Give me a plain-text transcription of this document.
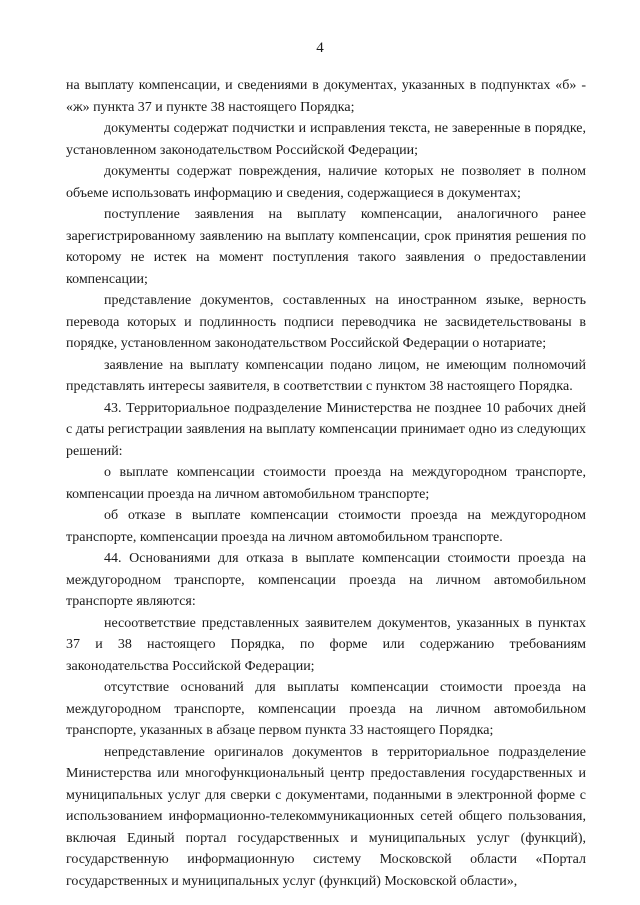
4

на выплату компенсации, и сведениями в документах, указанных в подпунктах «б» - «ж» пункта 37 и пункте 38 настоящего Порядка;

документы содержат подчистки и исправления текста, не заверенные в порядке, установленном законодательством Российской Федерации;

документы содержат повреждения, наличие которых не позволяет в полном объеме использовать информацию и сведения, содержащиеся в документах;

поступление заявления на выплату компенсации, аналогичного ранее зарегистрированному заявлению на выплату компенсации, срок принятия решения по которому не истек на момент поступления такого заявления о предоставлении компенсации;

представление документов, составленных на иностранном языке, верность перевода которых и подлинность подписи переводчика не засвидетельствованы в порядке, установленном законодательством Российской Федерации о нотариате;

заявление на выплату компенсации подано лицом, не имеющим полномочий представлять интересы заявителя, в соответствии с пунктом 38 настоящего Порядка.

43. Территориальное подразделение Министерства не позднее 10 рабочих дней с даты регистрации заявления на выплату компенсации принимает одно из следующих решений:

о выплате компенсации стоимости проезда на междугородном транспорте, компенсации проезда на личном автомобильном транспорте;

об отказе в выплате компенсации стоимости проезда на междугородном транспорте, компенсации проезда на личном автомобильном транспорте.

44. Основаниями для отказа в выплате компенсации стоимости проезда на междугородном транспорте, компенсации проезда на личном автомобильном транспорте являются:

несоответствие представленных заявителем документов, указанных в пунктах 37 и 38 настоящего Порядка, по форме или содержанию требованиям законодательства Российской Федерации;

отсутствие оснований для выплаты компенсации стоимости проезда на междугородном транспорте, компенсации проезда на личном автомобильном транспорте, указанных в абзаце первом пункта 33 настоящего Порядка;

непредставление оригиналов документов в территориальное подразделение Министерства или многофункциональный центр предоставления государственных и муниципальных услуг для сверки с документами, поданными в электронной форме с использованием информационно-телекоммуникационных сетей общего пользования, включая Единый портал государственных и муниципальных услуг (функций), государственную информационную систему Московской области «Портал государственных и муниципальных услуг (функций) Московской области»,
